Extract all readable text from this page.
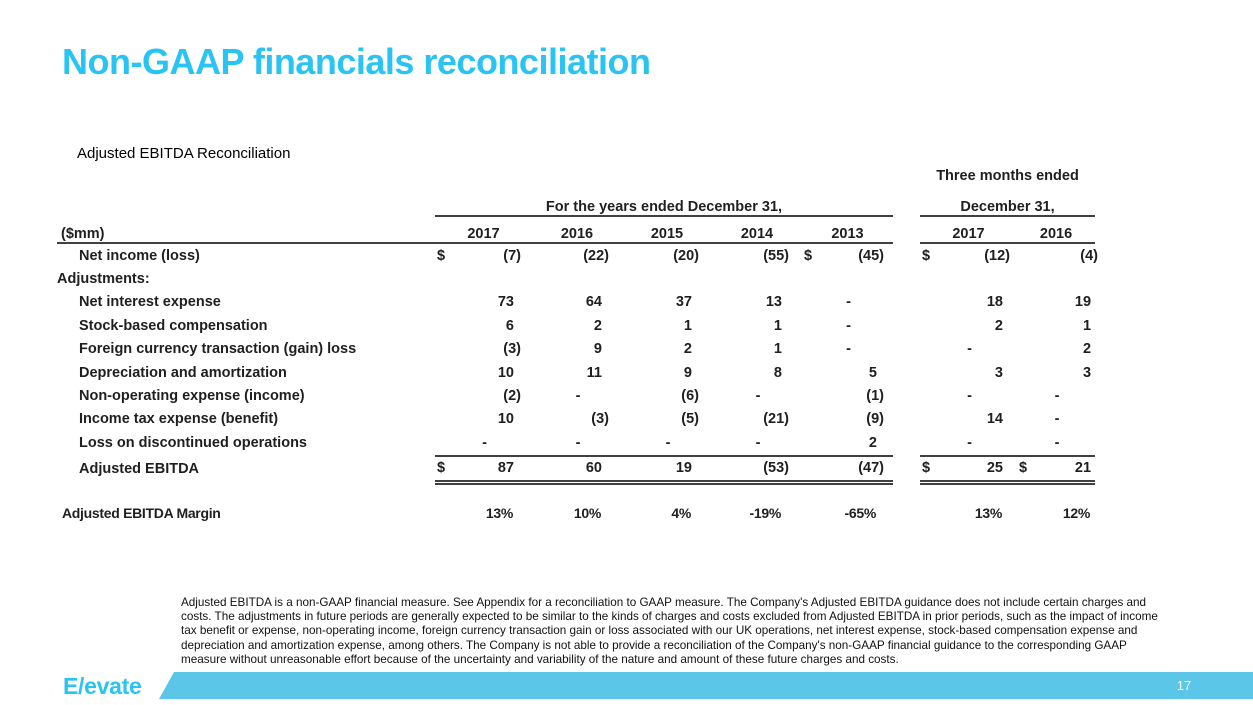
Non-GAAP financials reconciliation
Adjusted EBITDA Reconciliation
							Three months ended	
	For the years ended December 31,						December 31,	
($mm)	2017	2016	2015	2014	2013		2017	2016
Net income (loss)	$ (7)	(22)	(20)	(55)	$ (45)		$ (12)	(4)

Adjustments:	

Net interest expense	73	64	37	13	-		18	19

Stock-based compensation	6	2	1	1	-		2	1

Foreign currency transaction (gain) loss	(3)	9	2	1	-		-	2

Depreciation and amortization	10	11	9	8	5		3	3

Non-operating expense (income)	(2)	-	(6)	-	(1)		-	-

Income tax expense (benefit)	10	(3)	(5)	(21)	(9)		14	-

Loss on discontinued operations	-	-	-	-	2		-	-

Adjusted EBITDA	$ 87	60	19	(53)	(47)		$ 25	$ 21
Adjusted EBITDA Margin	13%	10%	4%	-19%	-65%		13%	12%
Adjusted EBITDA is a non-GAAP financial measure. See Appendix for a reconciliation to GAAP measure. The Company's Adjusted EBITDA guidance does not include certain charges and costs. The adjustments in future periods are generally expected to be similar to the kinds of charges and costs excluded from Adjusted EBITDA in prior periods, such as the impact of income tax benefit or expense, non-operating income, foreign currency transaction gain or loss associated with our UK operations, net interest expense, stock-based compensation expense and depreciation and amortization expense, among others. The Company is not able to provide a reconciliation of the Company's non-GAAP financial guidance to the corresponding GAAP measure without unreasonable effort because of the uncertainty and variability of the nature and amount of these future charges and costs.
E/evate	17
